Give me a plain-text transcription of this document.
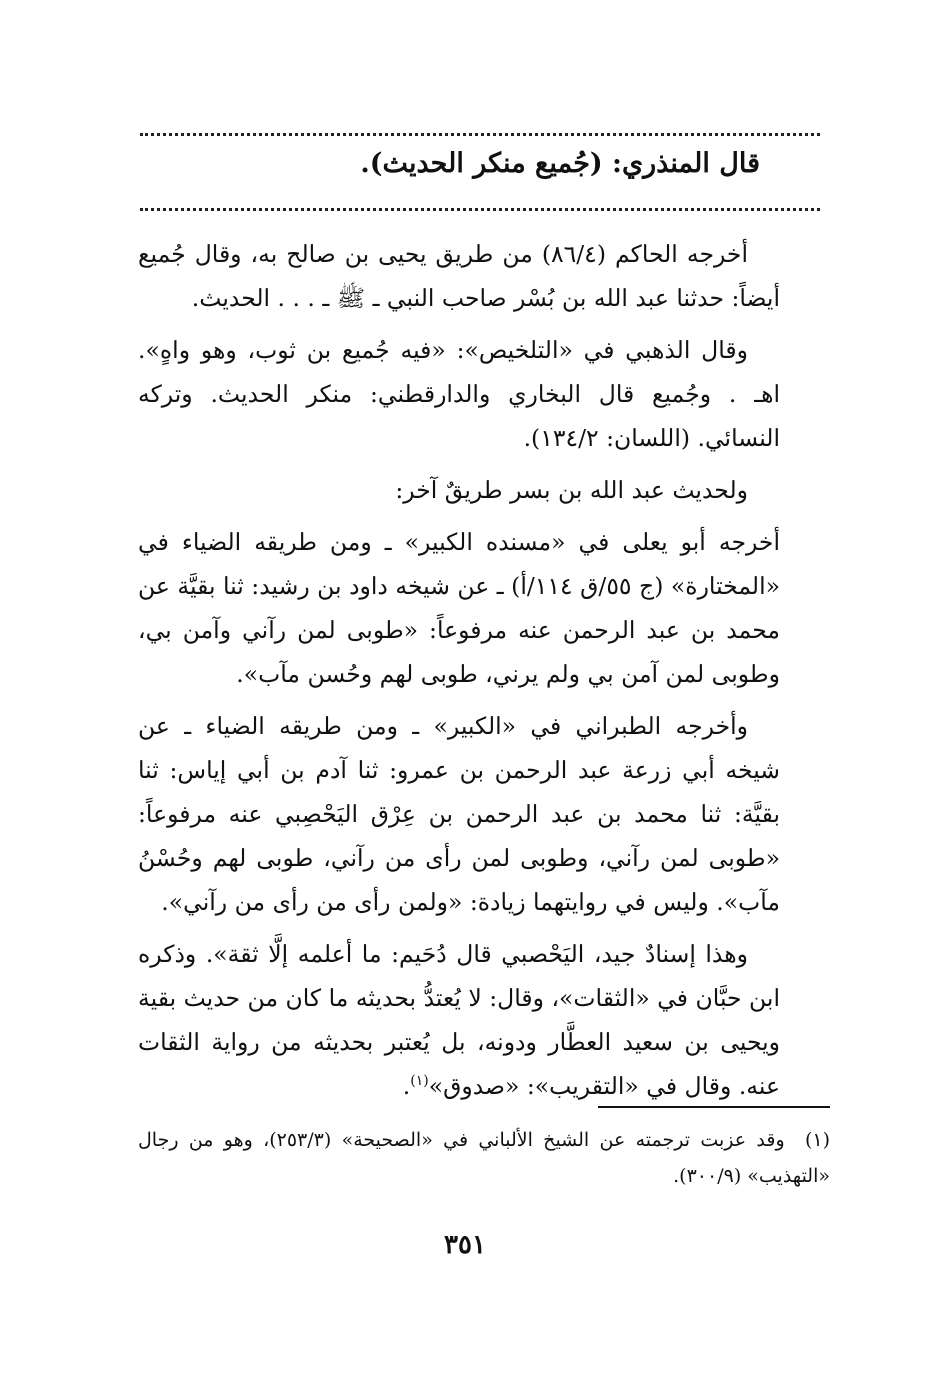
قال المنذري: (جُميع منكر الحديث).

أخرجه الحاكم (٨٦/٤) من طريق يحيى بن صالح به، وقال جُميع أيضاً: حدثنا عبد الله بن بُسْر صاحب النبي ـ ﷺ ـ . . . الحديث.

وقال الذهبي في «التلخيص»: «فيه جُميع بن ثوب، وهو واهٍ». اهـ . وجُميع قال البخاري والدارقطني: منكر الحديث. وتركه النسائي. (اللسان: ١٣٤/٢).

ولحديث عبد الله بن بسر طريقٌ آخر:

أخرجه أبو يعلى في «مسنده الكبير» ـ ومن طريقه الضياء في «المختارة» (ج ٥٥/ق ١١٤/أ) ـ عن شيخه داود بن رشيد: ثنا بقيَّة عن محمد بن عبد الرحمن عنه مرفوعاً: «طوبى لمن رآني وآمن بي، وطوبى لمن آمن بي ولم يرني، طوبى لهم وحُسن مآب».

وأخرجه الطبراني في «الكبير» ـ ومن طريقه الضياء ـ عن شيخه أبي زرعة عبد الرحمن بن عمرو: ثنا آدم بن أبي إياس: ثنا بقيَّة: ثنا محمد بن عبد الرحمن بن عِرْق اليَحْصِبي عنه مرفوعاً: «طوبى لمن رآني، وطوبى لمن رأى من رآني، طوبى لهم وحُسْنُ مآب». وليس في روايتهما زيادة: «ولمن رأى من رأى من رآني».

وهذا إسنادٌ جيد، اليَحْصبي قال دُحَيم: ما أعلمه إلَّا ثقة». وذكره ابن حبَّان في «الثقات»، وقال: لا يُعتدُّ بحديثه ما كان من حديث بقية ويحيى بن سعيد العطَّار ودونه، بل يُعتبر بحديثه من رواية الثقات عنه. وقال في «التقريب»: «صدوق»$^{(١)}$.

(١) وقد عزبت ترجمته عن الشيخ الألباني في «الصحيحة» (٢٥٣/٣)، وهو من رجال «التهذيب» (٣٠٠/٩).
٣٥١
